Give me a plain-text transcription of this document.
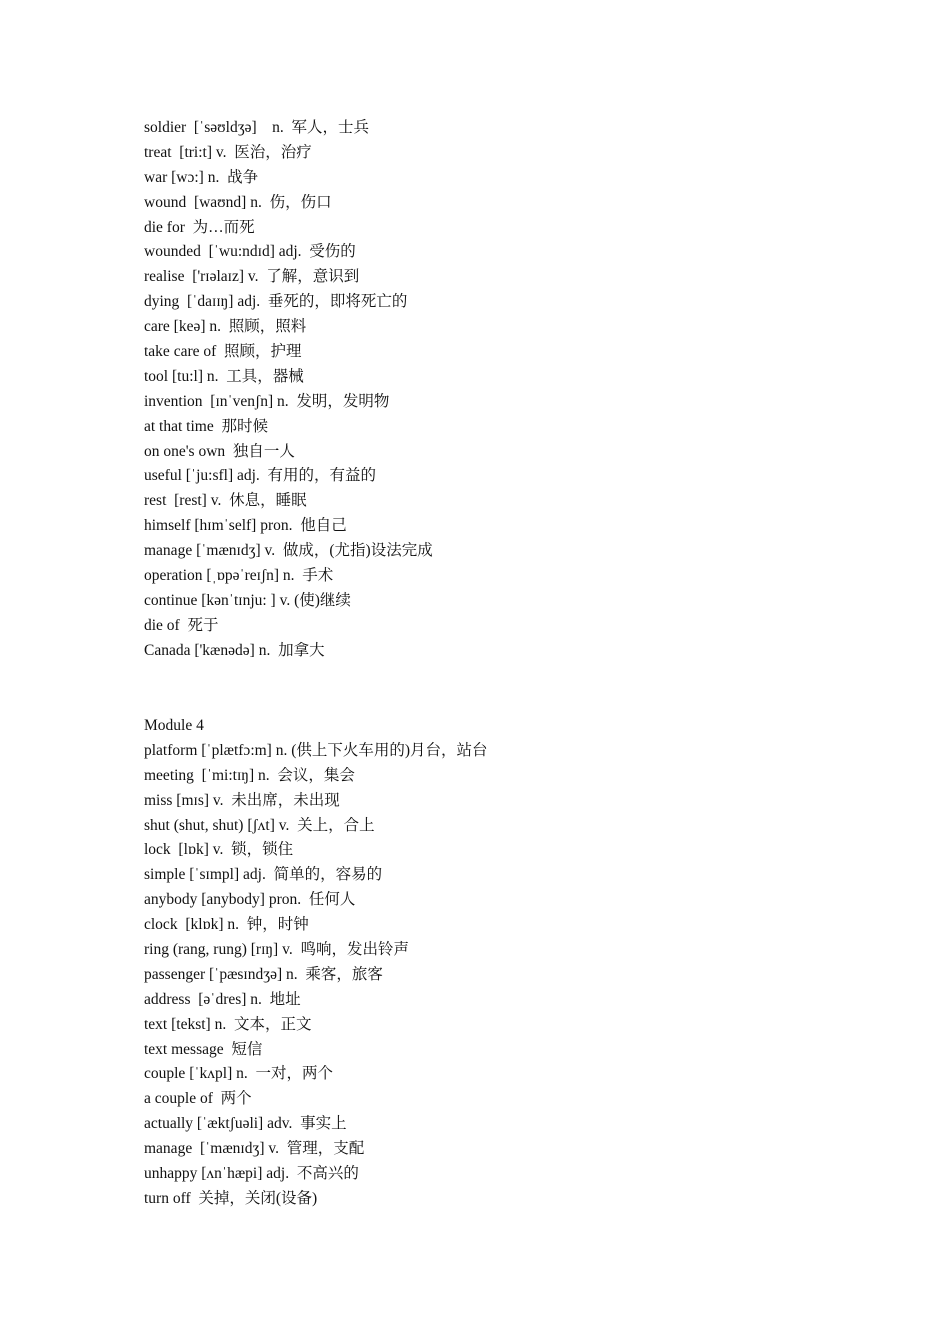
soldier  [ˈsəʊldʒə]    n.  军人，士兵
treat  [tri:t] v.  医治，治疗
war [wɔ:] n.  战争
wound  [waʊnd] n.  伤，伤口
die for  为…而死
wounded  [ˈwu:ndɪd] adj.  受伤的
realise  ['rɪəlaɪz] v.  了解，意识到
dying  [ˈdaɪɪŋ] adj.  垂死的，即将死亡的
care [keə] n.  照顾，照料
take care of  照顾，护理
tool [tu:l] n.  工具，器械
invention  [ɪnˈvenʃn] n.  发明，发明物
at that time  那时候
on one's own  独自一人
useful [ˈju:sfl] adj.  有用的，有益的
rest  [rest] v.  休息，睡眠
himself [hɪmˈself] pron.  他自己
manage [ˈmænɪdʒ] v.  做成，(尤指)设法完成
operation [ˌɒpəˈreɪʃn] n.  手术
continue [kənˈtɪnju: ] v. (使)继续
die of  死于
Canada ['kænədə] n.  加拿大
Module 4
platform [ˈplætfɔ:m] n. (供上下火车用的)月台，站台
meeting  [ˈmi:tɪŋ] n.  会议，集会
miss [mɪs] v.  未出席，未出现
shut (shut, shut) [ʃʌt] v.  关上，合上
lock  [lɒk] v.  锁，锁住
simple [ˈsɪmpl] adj.  简单的，容易的
anybody [anybody] pron.  任何人
clock  [klɒk] n.  钟，时钟
ring (rang, rung) [rɪŋ] v.  鸣响，发出铃声
passenger [ˈpæsɪndʒə] n.  乘客，旅客
address  [əˈdres] n.  地址
text [tekst] n.  文本，正文
text message  短信
couple [ˈkʌpl] n.  一对，两个
a couple of  两个
actually [ˈæktʃuəli] adv.  事实上
manage  [ˈmænɪdʒ] v.  管理，支配
unhappy [ʌnˈhæpi] adj.  不高兴的
turn off  关掉，关闭(设备)
